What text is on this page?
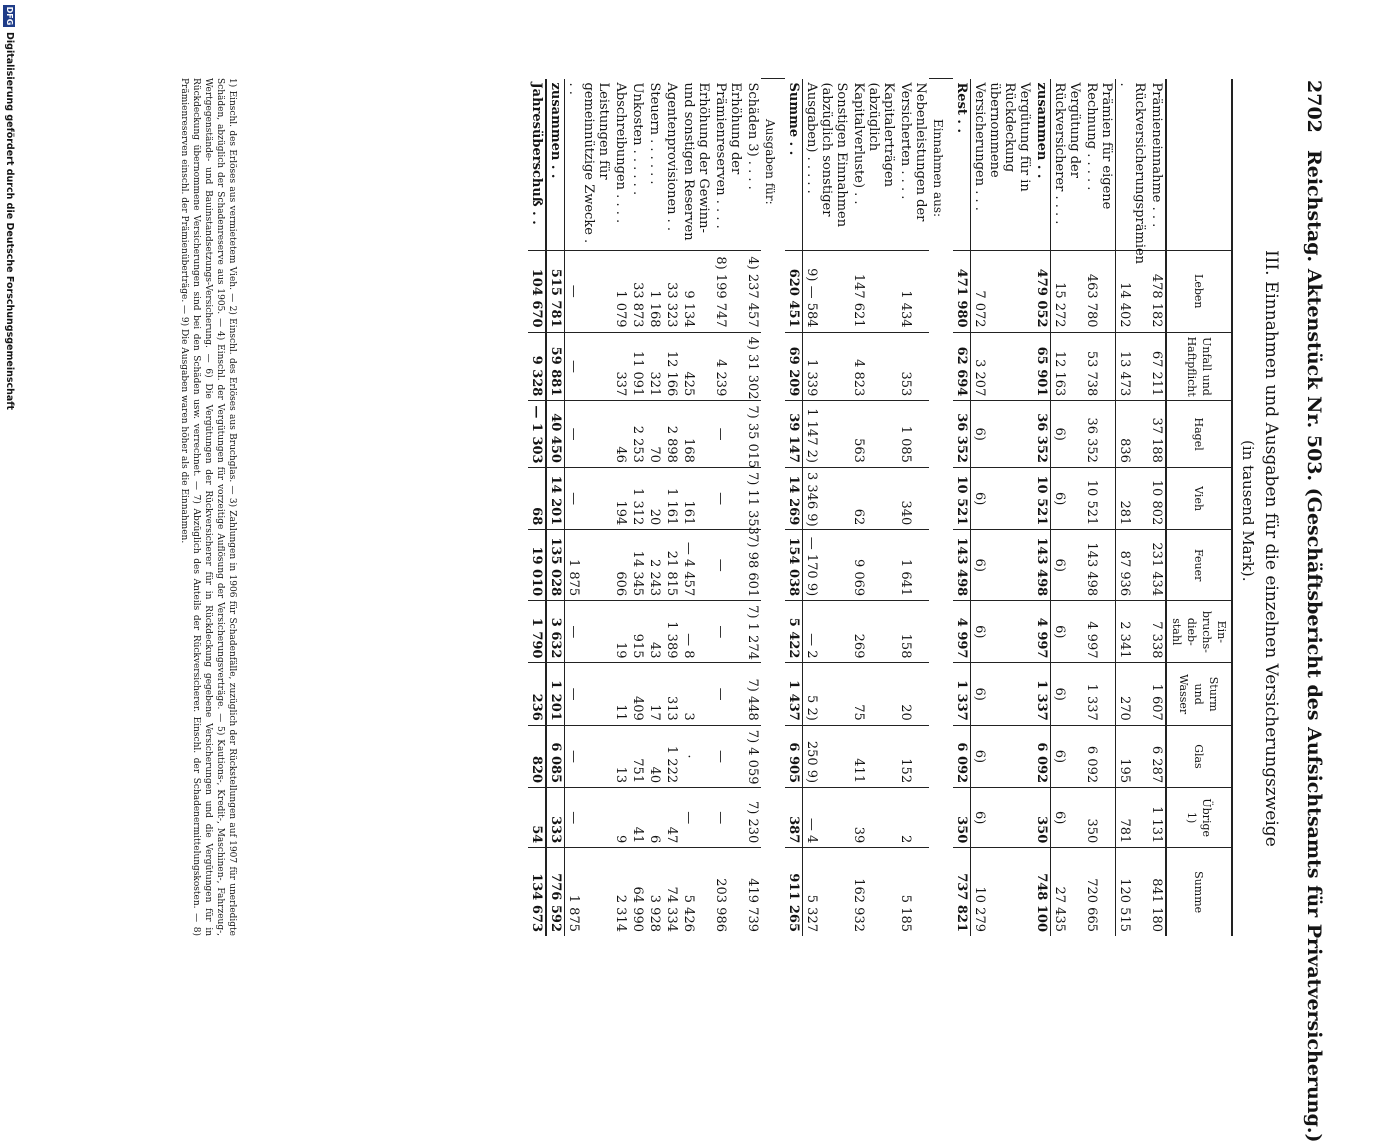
2702
Reichstag. Aktenstück Nr. 503. (Geschäftsbericht des Aufsichtsamts für Privatversicherung.)
III. Einnahmen und Ausgaben für die einzelnen Versicherungszweige
(in tausend Mark).
	Leben	Unfall und Haftpflicht	Hagel	Vieh	Feuer	Ein- bruchs- dieb- stahl	Sturm und Wasser	Glas	Übrige 1)	Summe
Prämieneinnahme . . .	478 182	67 211	37 188	10 802	231 434	7 338	1 607	6 287	1 131	841 180
Rückversicherungsprämien .	14 402	13 473	836	281	87 936	2 341	270	195	781	120 515
Prämien für eigene Rechnung . . . . .	463 780	53 738	36 352	10 521	143 498	4 997	1 337	6 092	350	720 665
Vergütung der Rückversicherer . . . .	15 272	12 163	6)	6)	6)	6)	6)	6)	6)	27 435
zusammen . .	479 052	65 901	36 352	10 521	143 498	4 997	1 337	6 092	350	748 100
Vergütung für in Rückdeckung übernommene Versicherungen . . .	7 072	3 207	6)	6)	6)	6)	6)	6)	6)	10 279
Rest . .	471 980	62 694	36 352	10 521	143 498	4 997	1 337	6 092	350	737 821
Einnahmen aus:										
Nebenleistungen der Versicherten . . . .	1 434	353	1 085	340	1 641	158	20	152	2	5 185
Kapitalerträgen (abzüglich Kapitalverluste) . .	147 621	4 823	563	62	9 069	269	75	411	39	162 932
Sonstigen Einnahmen (abzüglich sonstiger Ausgaben) . . . . .	9) — 584	1 339	1 147 2)	3 346 9)	— 170 9)	— 2	5 2)	250 9)	— 4	5 327
Summe . .	620 451	69 209	39 147	14 269	154 038	5 422	1 437	6 905	387	911 265
Ausgaben für:										
Schäden 3) . . . .	4) 237 457	4) 31 302	7) 35 015	7) 11 353	7) 98 601	7) 1 274	7) 448	7) 4 059	7) 230	419 739
Erhöhung der Prämienreserven . . . .	8) 199 747	4 239	—	—	—	—	—	—	—	203 986
Erhöhung der Gewinn- und sonstigen Reserven	9 134	425	168	161	— 4 457	— 8	3	·	—	5 426
Agentenprovisionen . .	33 323	12 166	2 898	1 161	21 815	1 389	313	1 222	47	74 334
Steuern . . . . . .	1 168	321	70	20	2 243	43	17	40	6	3 928
Unkosten . . . . . .	33 873	11 091	2 253	1 312	14 345	915	409	751	41	64 990
Abschreibungen . . . .	1 079	337	46	194	606	19	11	13	9	2 314
Leistungen für gemeinnützige Zwecke . . .	—	—	—	—	1 875	—	—	—	—	1 875
zusammen . .	515 781	59 881	40 450	14 201	135 028	3 632	1 201	6 085	333	776 592
Jahresüberschuß . .	104 670	9 328	— 1 303	68	19 010	1 790	236	820	54	134 673
1) Einschl. des Erlöses aus vermietetem Vieh. — 2) Einschl. des Erlöses aus Bruchglas. — 3) Zahlungen in 1906 für Schadenfälle, zuzüglich der Rückstellungen auf 1907 für unerledigte Schäden, abzüglich der Schadenreserve aus 1905. — 4) Einschl. der Vergütungen für vorzeitige Auflösung der Versicherungsverträge. — 5) Kautions-, Kredit-, Maschinen-, Fahrzeug-, Wertgegenstände- und Bauinstandsetzungs-Versicherung. — 6) Die Vergütungen der Rückversicherer für in Rückdeckung gegebene Versicherungen und die Vergütungen für in Rückdeckung übernommene Versicherungen sind bei den Schäden usw. verrechnet. — 7) Abzüglich des Anteils der Rückversicherer. Einschl. der Schadenermittelungskosten. — 8) Prämienreserven einschl. der Prämienüberträge. — 9) Die Ausgaben waren höher als die Einnahmen.
DFG
Digitalisierung gefördert durch die Deutsche Forschungsgemeinschaft
